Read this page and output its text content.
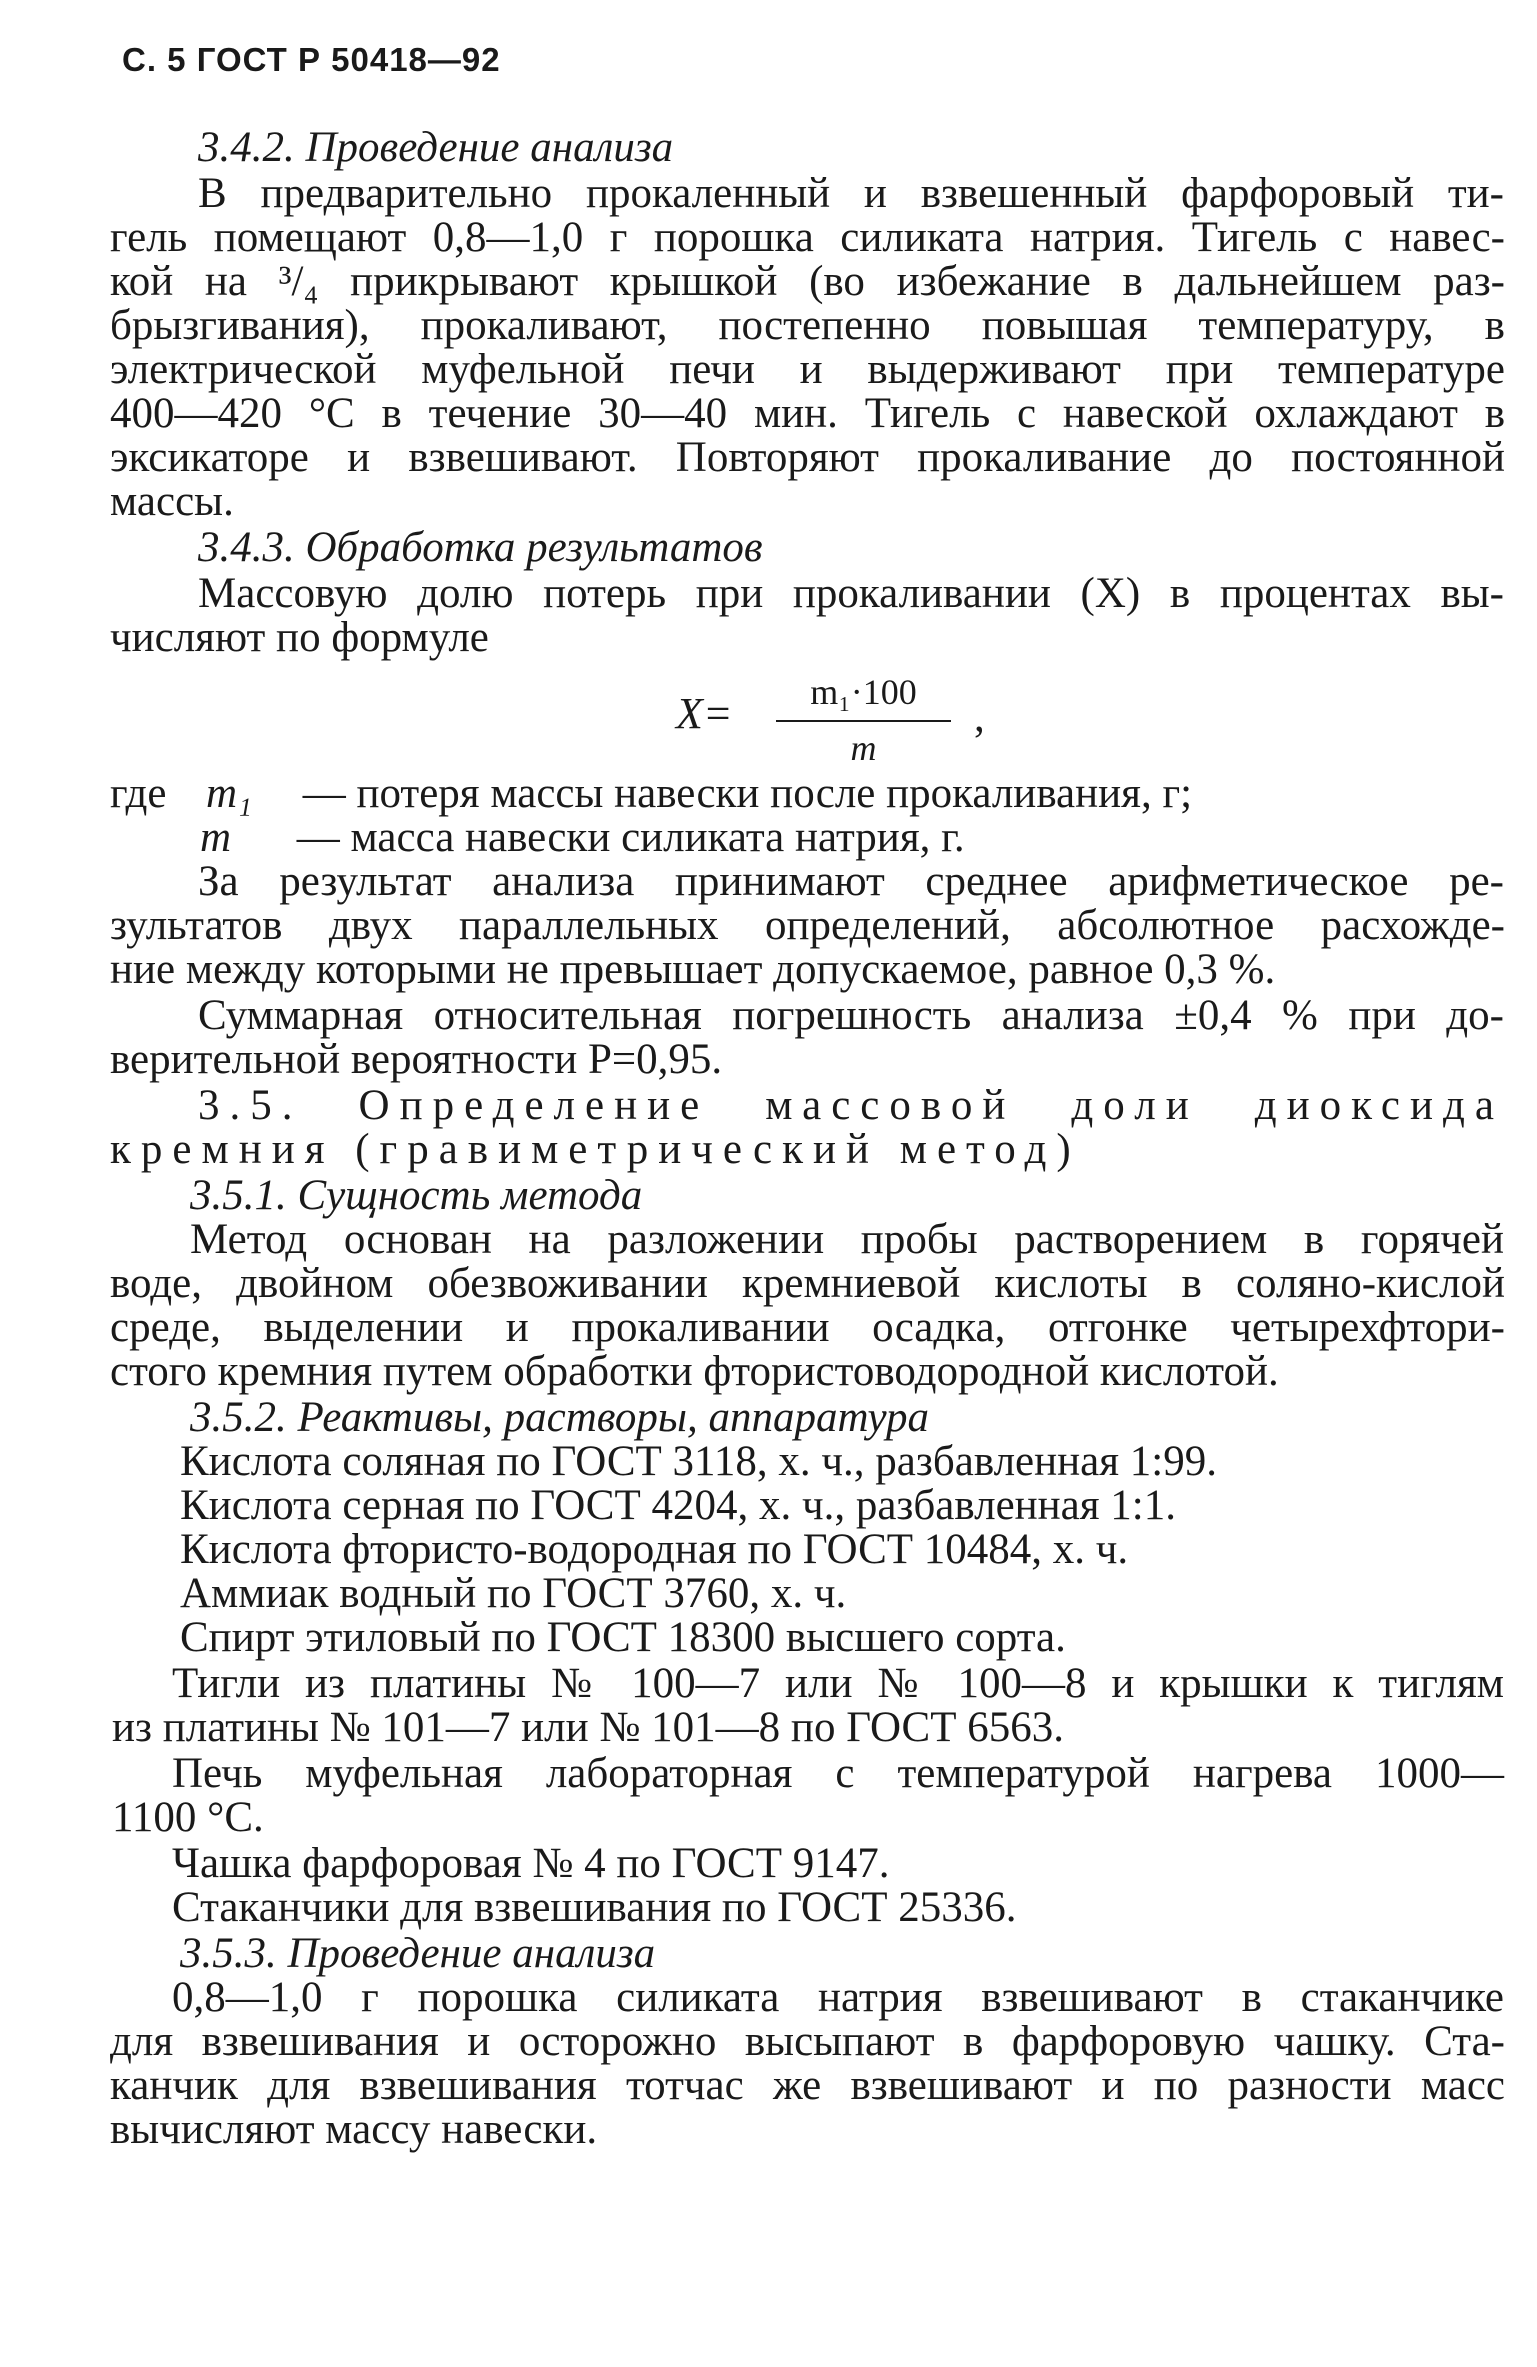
С. 5 ГОСТ Р 50418—92
3.4.2. Проведение анализа
В предварительно прокаленный и взвешенный фарфоровый ти-
гель помещают 0,8—1,0 г порошка силиката натрия. Тигель с навес-
кой на ³/₄ прикрывают крышкой (во избежание в дальнейшем раз-
брызгивания), прокаливают, постепенно повышая температуру, в
электрической муфельной печи и выдерживают при температуре
400—420 °С в течение 30—40 мин. Тигель с навеской охлаждают в
эксикаторе и взвешивают. Повторяют прокаливание до постоянной
массы.
3.4.3. Обработка результатов
Массовую долю потерь при прокаливании (X) в процентах вы-
числяют по формуле
X=	m₁·100
m
,
где m₁ — потеря массы навески после прокаливания, г;
m — масса навески силиката натрия, г.
За результат анализа принимают среднее арифметическое ре-
зультатов двух параллельных определений, абсолютное расхожде-
ние между которыми не превышает допускаемое, равное 0,3 %.
Суммарная относительная погрешность анализа ±0,4 % при до-
верительной вероятности P=0,95.
3.5. Определение массовой доли диоксида
кремния (гравиметрический метод)
3.5.1. Сущность метода
Метод основан на разложении пробы растворением в горячей
воде, двойном обезвоживании кремниевой кислоты в соляно-кислой
среде, выделении и прокаливании осадка, отгонке четырехфтори-
стого кремния путем обработки фтористоводородной кислотой.
3.5.2. Реактивы, растворы, аппаратура
Кислота соляная по ГОСТ 3118, х. ч., разбавленная 1:99.
Кислота серная по ГОСТ 4204, х. ч., разбавленная 1:1.
Кислота фтористо-водородная по ГОСТ 10484, х. ч.
Аммиак водный по ГОСТ 3760, х. ч.
Спирт этиловый по ГОСТ 18300 высшего сорта.
Тигли из платины № 100—7 или № 100—8 и крышки к тиглям
из платины № 101—7 или № 101—8 по ГОСТ 6563.
Печь муфельная лабораторная с температурой нагрева 1000—
1100 °С.
Чашка фарфоровая № 4 по ГОСТ 9147.
Стаканчики для взвешивания по ГОСТ 25336.
3.5.3. Проведение анализа
0,8—1,0 г порошка силиката натрия взвешивают в стаканчике
для взвешивания и осторожно высыпают в фарфоровую чашку. Ста-
канчик для взвешивания тотчас же взвешивают и по разности масс
вычисляют массу навески.
